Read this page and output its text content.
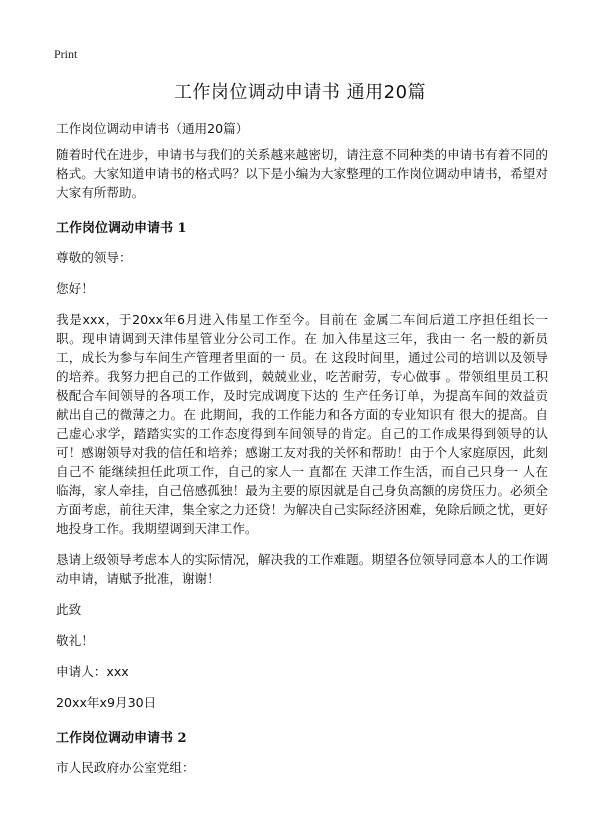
Print
工作岗位调动申请书 通用20篇

工作岗位调动申请书（通用20篇）

随着时代在进步，申请书与我们的关系越来越密切，请注意不同种类的申请书有着不同的格式。大家知道申请书的格式吗？以下是小编为大家整理的工作岗位调动申请书，希望对大家有所帮助。

工作岗位调动申请书 1

尊敬的领导：

您好！

我是xxx，于20xx年6月进入伟星工作至今。目前在 金属二车间后道工序担任组长一 职。现申请调到天津伟星管业分公司工作。在 加入伟星这三年，我由一 名一般的新员工，成长为参与车间生产管理者里面的一 员。在 这段时间里，通过公司的培训以及领导的培养。我努力把自己的工作做到，兢兢业业，吃苦耐劳，专心做事 。带领组里员工积极配合车间领导的各项工作，及时完成调度下达的 生产任务订单，为提高车间的效益贡献出自己的微薄之力。在 此期间，我的工作能力和各方面的专业知识有 很大的提高。自己虚心求学，踏踏实实的工作态度得到车间领导的肯定。自己的工作成果得到领导的认可！感谢领导对我的信任和培养；感谢工友对我的关怀和帮助！由于个人家庭原因，此刻 自己不 能继续担任此项工作，自己的家人一 直都在 天津工作生活，而自己只身一 人在 临海，家人牵挂，自己倍感孤独！最为主要的原因就是自己身负高额的房贷压力。必须全方面考虑，前往天津，集全家之力还贷！为解决自己实际经济困难，免除后顾之忧，更好地投身工作。我期望调到天津工作。

恳请上级领导考虑本人的实际情况，解决我的工作难题。期望各位领导同意本人的工作调动申请，请赋予批准，谢谢！

此致

敬礼！

申请人：xxx

20xx年x9月30日

工作岗位调动申请书 2

市人民政府办公室党组：
